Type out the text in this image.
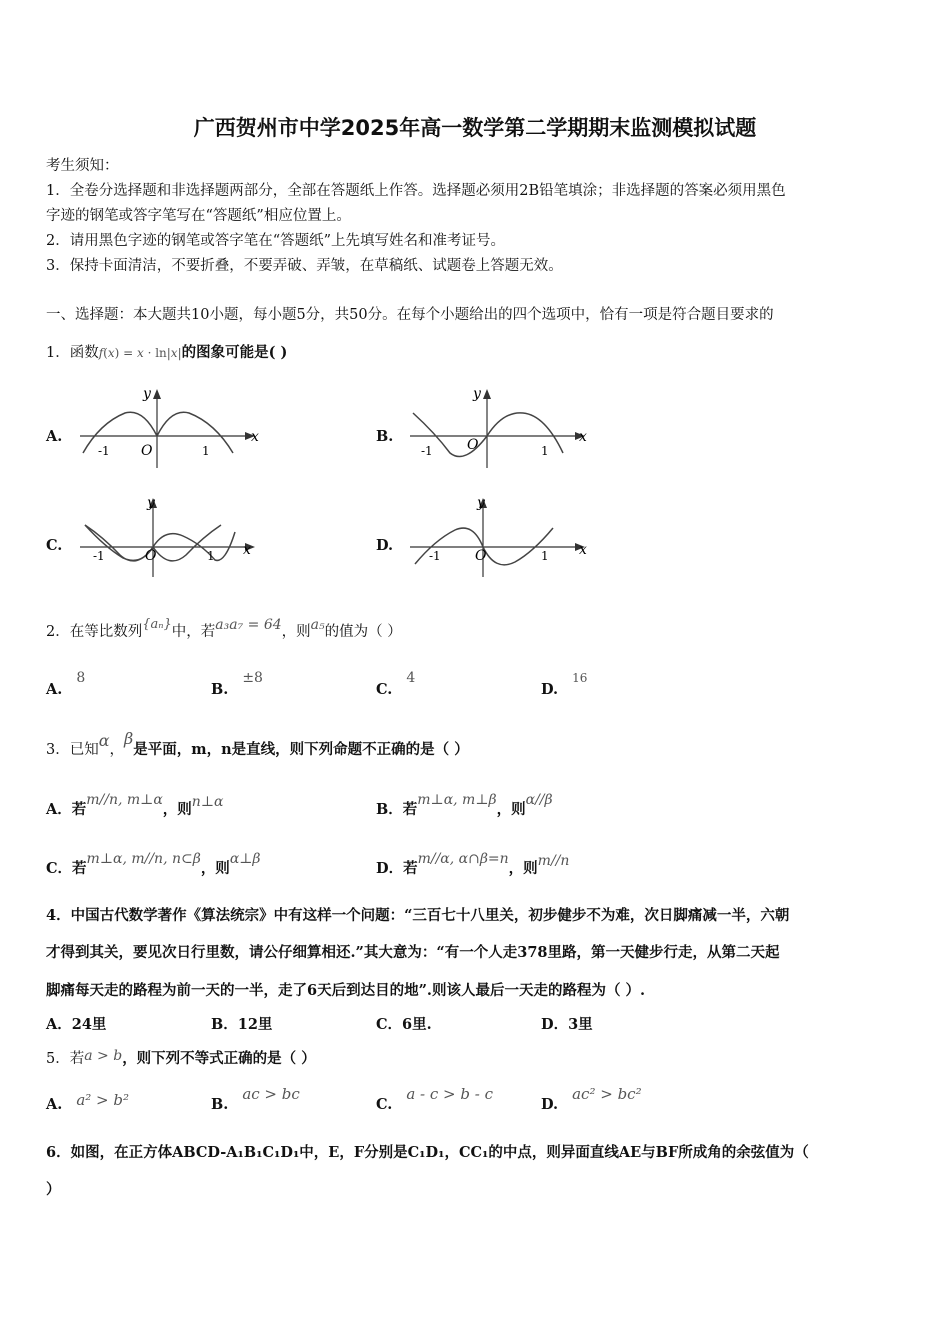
广西贺州市中学2025年高一数学第二学期期末监测模拟试题
考生须知：
1．全卷分选择题和非选择题两部分，全部在答题纸上作答。选择题必须用2B铅笔填涂；非选择题的答案必须用黑色
字迹的钢笔或答字笔写在“答题纸”相应位置上。
2．请用黑色字迹的钢笔或答字笔在“答题纸”上先填写姓名和准考证号。
3．保持卡面清洁，不要折叠，不要弄破、弄皱，在草稿纸、试题卷上答题无效。
一、选择题：本大题共10小题，每小题5分，共50分。在每个小题给出的四个选项中，恰有一项是符合题目要求的
1．函数𝑓(𝑥) = 𝑥 · ln|𝑥|的图象可能是( )
A.	x
y
O
-1	1
B.	x
y
O
-1	1
C.	x
y
O
-1	1
D.	x
y
O
-1	1
2．在等比数列{aₙ}中，若a₃a₇ = 64，则a₅的值为（ ）
A.8
B.±8
C.4
D.$^{16}$
3．已知α，β是平面，m，n是直线，则下列命题不正确的是（ ）
A．若m//n, m⊥α，则n⊥α	B．若m⊥α, m⊥β，则α//β
C．若m⊥α, m//n, n⊂β，则α⊥β
D．若m//α, α∩β=n，则m//n
4．中国古代数学著作《算法统宗》中有这样一个问题：“三百七十八里关，初步健步不为难，次日脚痛减一半，六朝
才得到其关，要见次日行里数，请公仔细算相还.”其大意为：“有一个人走378里路，第一天健步行走，从第二天起
脚痛每天走的路程为前一天的一半，走了6天后到达目的地”.则该人最后一天走的路程为（ ）.
A．24里	B．12里	C．6里.	D．3里
5．若a > b，则下列不等式正确的是（ ）
A. a² > b²	B.ac > bc
C.a - c > b - c
D.ac² > bc²
6．如图，在正方体ABCD-A₁B₁C₁D₁中，E，F分别是C₁D₁，CC₁的中点，则异面直线AE与BF所成角的余弦值为（
）
